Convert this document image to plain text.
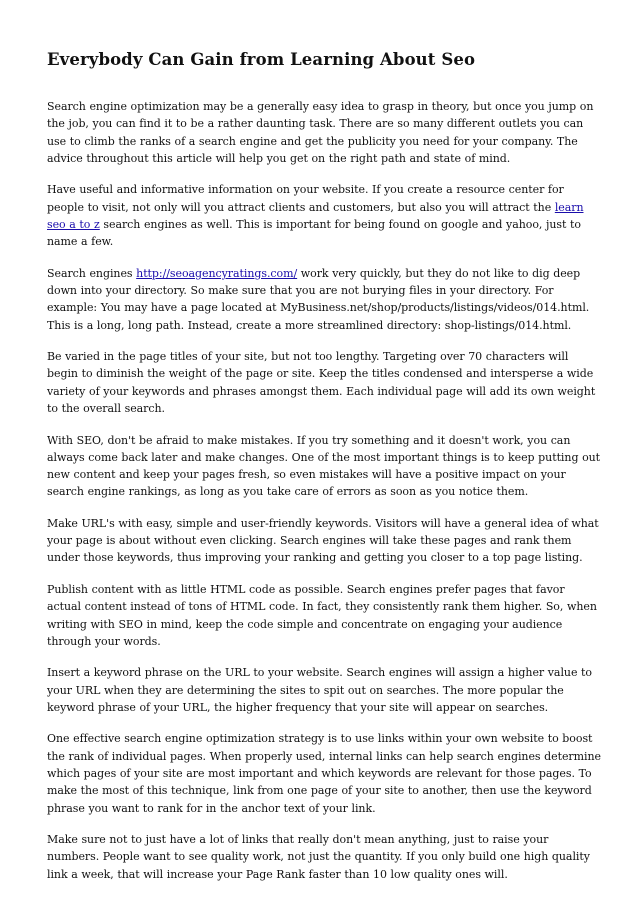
Everybody Can Gain from Learning About Seo

Search engine optimization may be a generally easy idea to grasp in theory, but once you jump on the job, you can find it to be a rather daunting task. There are so many different outlets you can use to climb the ranks of a search engine and get the publicity you need for your company. The advice throughout this article will help you get on the right path and state of mind.

Have useful and informative information on your website. If you create a resource center for people to visit, not only will you attract clients and customers, but also you will attract the learn seo a to z search engines as well. This is important for being found on google and yahoo, just to name a few.

Search engines http://seoagencyratings.com/ work very quickly, but they do not like to dig deep down into your directory. So make sure that you are not burying files in your directory. For example: You may have a page located at MyBusiness.net/shop/products/listings/videos/014.html. This is a long, long path. Instead, create a more streamlined directory: shop-listings/014.html.

Be varied in the page titles of your site, but not too lengthy. Targeting over 70 characters will begin to diminish the weight of the page or site. Keep the titles condensed and intersperse a wide variety of your keywords and phrases amongst them. Each individual page will add its own weight to the overall search.

With SEO, don't be afraid to make mistakes. If you try something and it doesn't work, you can always come back later and make changes. One of the most important things is to keep putting out new content and keep your pages fresh, so even mistakes will have a positive impact on your search engine rankings, as long as you take care of errors as soon as you notice them.

Make URL's with easy, simple and user-friendly keywords. Visitors will have a general idea of what your page is about without even clicking. Search engines will take these pages and rank them under those keywords, thus improving your ranking and getting you closer to a top page listing.

Publish content with as little HTML code as possible. Search engines prefer pages that favor actual content instead of tons of HTML code. In fact, they consistently rank them higher. So, when writing with SEO in mind, keep the code simple and concentrate on engaging your audience through your words.

Insert a keyword phrase on the URL to your website. Search engines will assign a higher value to your URL when they are determining the sites to spit out on searches. The more popular the keyword phrase of your URL, the higher frequency that your site will appear on searches.

One effective search engine optimization strategy is to use links within your own website to boost the rank of individual pages. When properly used, internal links can help search engines determine which pages of your site are most important and which keywords are relevant for those pages. To make the most of this technique, link from one page of your site to another, then use the keyword phrase you want to rank for in the anchor text of your link.

Make sure not to just have a lot of links that really don't mean anything, just to raise your numbers. People want to see quality work, not just the quantity. If you only build one high quality link a week, that will increase your Page Rank faster than 10 low quality ones will.
